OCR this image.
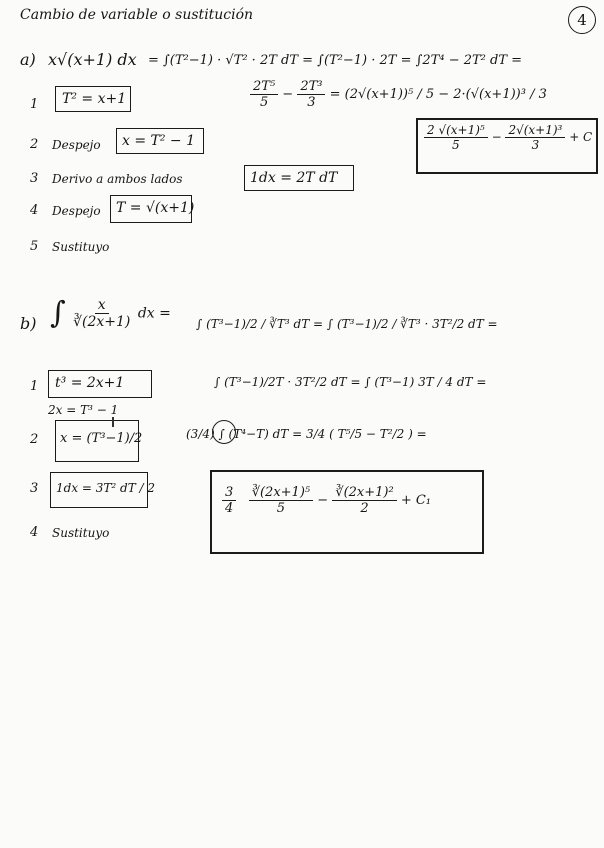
Cambio de variable o sustitución	4
a) x√(x+1) dx = ∫(T²−1) · √T² · 2T dT = ∫(T²−1) · 2T = ∫2T⁴ − 2T² dT =
$\frac{\text{2T⁵}}{5} - \frac{\text{2T³}}{3} = (2√(x+1))^5 / 5 - 2\cdot(√(x+1))^3 / 3$
1 T² = x+1
2 Despejo x = T² − 1
3 Derivo a ambos lados	1dx = 2T dT
4 Despejo T = √(x+1)
5 Sustituyo
$\frac{\text{2 √(x+1)⁵}}{5} - \frac{\text{2√(x+1)³}}{3} + C$
b) ∫ $\frac{x}{∛(2x+1)}$ dx =
∫ (T³−1)/2 / ∛T³ dT = ∫ (T³−1)/2 / ∛T³ · 3T²/2 dT =
∫ (T³−1)/2T · 3T²/2 dT = ∫ (T³−1) 3T / 4 dT =
(3/4) ∫ (T⁴−T) dT = 3/4 ( T⁵/5 − T²/2 ) =
1 t³ = 2x+1
2x = T³ − 1
2 x = (T³−1)/2
3 1dx = 3T² dT / 2
4 Sustituyo
$\frac{3}{4}$
$\frac{\text{∛(2x+1)⁵}}{5} - \frac{\text{∛(2x+1)²}}{2} + C_1$
